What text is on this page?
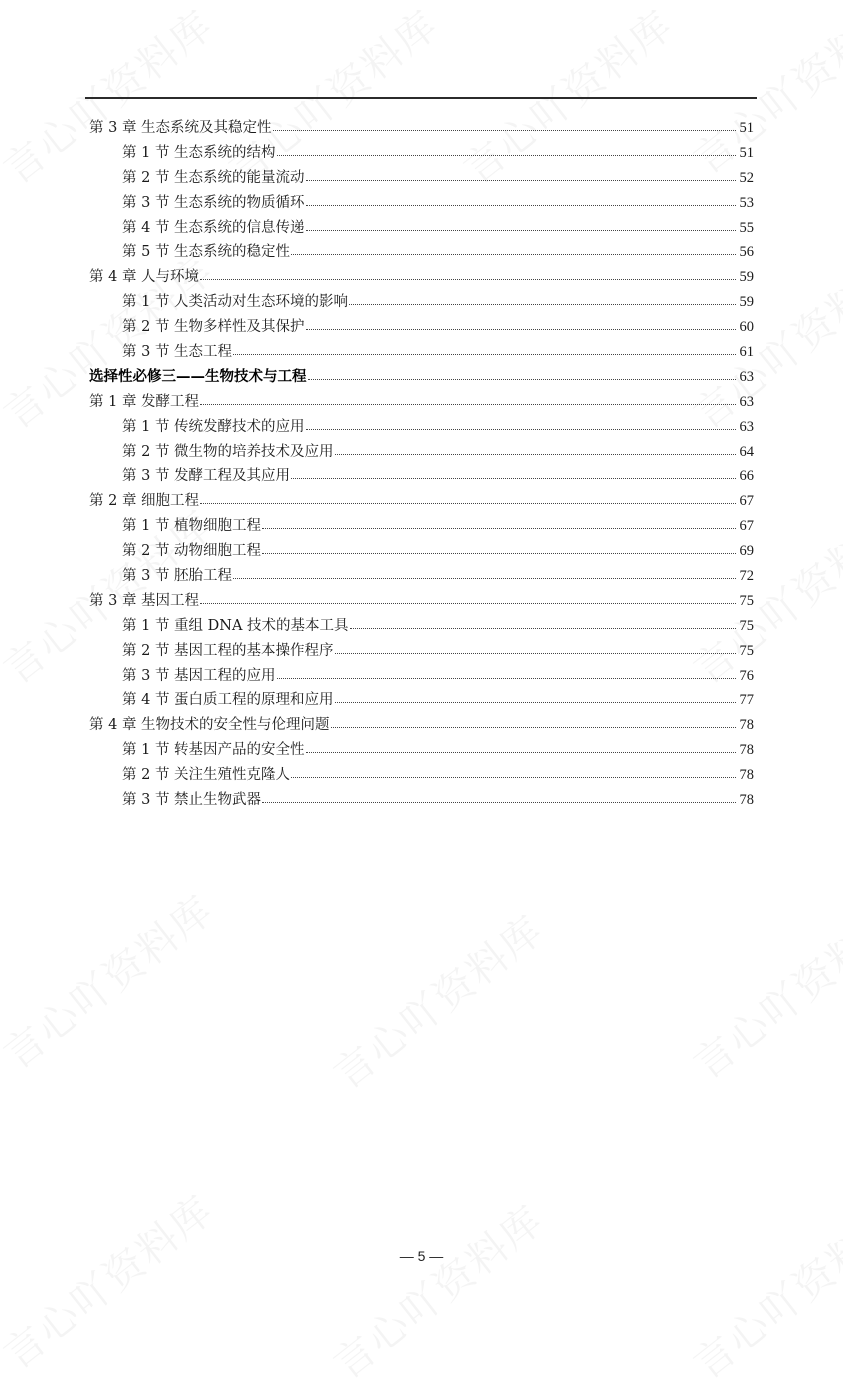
第 3 章 生态系统及其稳定性	51
第 1 节 生态系统的结构	51
第 2 节 生态系统的能量流动	52
第 3 节 生态系统的物质循环	53
第 4 节 生态系统的信息传递	55
第 5 节 生态系统的稳定性	56
第 4 章 人与环境	59
第 1 节 人类活动对生态环境的影响	59
第 2 节 生物多样性及其保护	60
第 3 节 生态工程	61
选择性必修三——生物技术与工程	63
第 1 章 发酵工程	63
第 1 节 传统发酵技术的应用	63
第 2 节 微生物的培养技术及应用	64
第 3 节 发酵工程及其应用	66
第 2 章 细胞工程	67
第 1 节 植物细胞工程	67
第 2 节 动物细胞工程	69
第 3 节 胚胎工程	72
第 3 章 基因工程	75
第 1 节 重组 DNA 技术的基本工具	75
第 2 节 基因工程的基本操作程序	75
第 3 节 基因工程的应用	76
第 4 节 蛋白质工程的原理和应用	77
第 4 章 生物技术的安全性与伦理问题	78
第 1 节 转基因产品的安全性	78
第 2 节 关注生殖性克隆人	78
第 3 节 禁止生物武器	78
— 5 —
